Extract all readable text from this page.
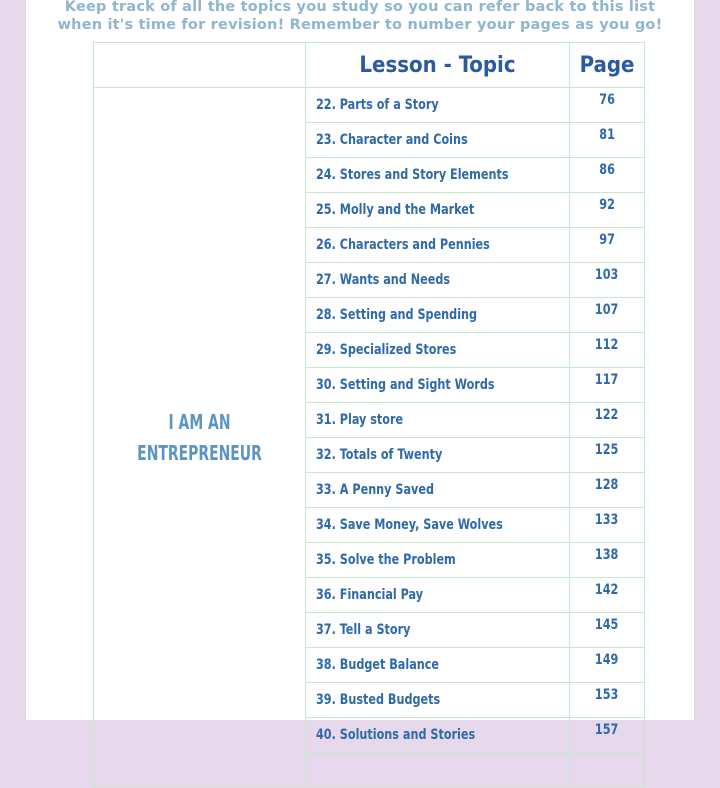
Keep track of all the topics you study so you can refer back to this list
when it's time for revision! Remember to number your pages as you go!
	Lesson - Topic	Page

I AM AN
ENTREPRENEUR	22. Parts of a Story	76
	23. Character and Coins	81
	24. Stores and Story Elements	86
	25. Molly and the Market	92
	26. Characters and Pennies	97
	27. Wants and Needs	103
	28. Setting and Spending	107
	29. Specialized Stores	112
	30. Setting and Sight Words	117
	31. Play store	122
	32. Totals of Twenty	125
	33. A Penny Saved	128
	34. Save Money, Save Wolves	133
	35. Solve the Problem	138
	36. Financial Pay	142
	37. Tell a Story	145
	38. Budget Balance	149
	39. Busted Budgets	153
	40. Solutions and Stories	157
